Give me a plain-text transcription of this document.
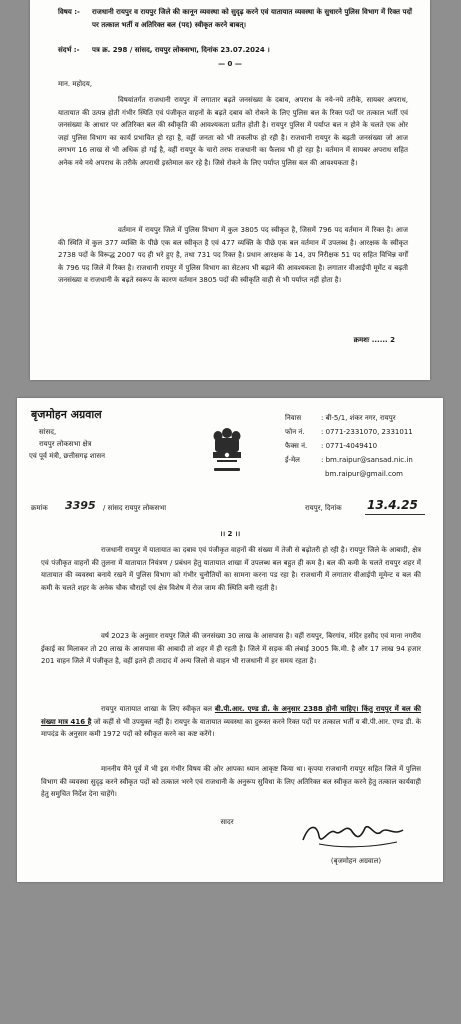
विषय :-	राजधानी रायपुर व रायपुर जिले की कानून व्यवस्था को सुदृढ़ करने एवं यातायात व्यवस्था के सुधारने पुलिस विभाग में रिक्त पदों पर तत्काल भर्ती व अतिरिक्त बल (पद) स्वीकृत करने बाबत्।
संदर्भ :-	पत्र क्र. 298 / सांसद, रायपुर लोकसभा, दिनांक 23.07.2024 ।
— 0 —
मान. महोदय,
विषयांतर्गत राजधानी रायपुर में लगातार बढ़ते जनसंख्या के दबाव, अपराध के नये-नये तरीके, सायबर अपराध, यातायात की उत्पन्न होती गंभीर स्थिति एवं पंजीकृत वाहनों के बढ़ते दबाव को रोकने के लिए पुलिस बल के रिक्त पदों पर तत्काल भर्ती एवं जनसंख्या के आधार पर अतिरिक्त बल की स्वीकृति की आवश्यकता प्रतीत होती है। रायपुर पुलिस में पर्याप्त बल न होने के चलते एक ओर जहां पुलिस विभाग का कार्य प्रभावित हो रहा है, वहीं जनता को भी तकलीफ हो रही है। राजधानी रायपुर के बढ़ती जनसंख्या जो आज लगभग 16 लाख से भी अधिक हो गई है, वहीं रायपुर के चारो तरफ राजधानी का फैलाव भी हो रहा है। वर्तमान में सायबर अपराध सहित अनेक नये नये अपराध के तरीके अपराधी इस्तेमाल कर रहे है। जिसे रोकने के लिए पर्याप्त पुलिस बल की आवश्यकता है।
वर्तमान में रायपुर जिले में पुलिस विभाग में कुल 3805 पद स्वीकृत है, जिसमें 796 पद वर्तमान में रिक्त है। आज की स्थिति में कुल 377 व्यक्ति के पीछे एक बल स्वीकृत है एवं 477 व्यक्ति के पीछे एक बल वर्तमान में उपलब्ध है। आरक्षक के स्वीकृत 2738 पदों के विरूद्ध 2007 पद ही भरे हुए है, तथा 731 पद रिक्त है। प्रधान आरक्षक के 14, उप निरीक्षक 51 पद सहित विभिन्न वर्गों के 796 पद जिले में रिक्त है। राजधानी रायपुर में पुलिस विभाग का सेटअप भी बढ़ाने की आवश्यकता है। लगातार वीआईपी मूमेंट व बढ़ती जनसंख्या व राजधानी के बढ़ते स्वरूप के कारण वर्तमान 3805 पदों की स्वीकृति वाही से भी पर्याप्त नहीं होता है।
क्रमशः ...... 2
बृजमोहन अग्रवाल
सांसद,
रायपुर लोकसभा क्षेत्र
एवं पूर्व मंत्री, छत्तीसगढ़ शासन
निवास	: बी-5/1, शंकर नगर, रायपुर
फोन नं.	: 0771-2331070, 2331011
फैक्स नं.	: 0771-4049410
ई-मेल	: bm.raipur@sansad.nic.in
bm.raipur@gmail.com
क्रमांक	3395	/ सांसद रायपुर लोकसभा	रायपुर, दिनांक	13.4.25
।। 2 ।।
राजधानी रायपुर में यातायात का दबाव एवं पंजीकृत वाहनों की संख्या में तेजी से बढ़ोतरी हो रही है। रायपुर जिले के आबादी, क्षेत्र एवं पंजीकृत वाहनों की तुलना में यातायात नियंत्रण / प्रबंधन हेतु यातायात शाखा में उपलब्ध बल बहुत ही कम है। बल की कमी के चलते रायपुर शहर में यातायात की व्यवस्था बनाये रखने में पुलिस विभाग को गंभीर चुनौतियों का सामना करना पड रहा है। राजधानी में लगातार वीआईपी मूमेन्ट व बल की कमी के चलते शहर के अनेक चौक चौराहों एवं क्षेत्र विशेष में रोज जाम की स्थिति बनी रहती है।
वर्ष 2023 के अनुसार रायपुर जिले की जनसंख्या 30 लाख के आसपास है। वहीं रायपुर, बिरगांव, मंदिर हसौद एवं माना नगरीय ईकाई का मिलाकर तो 20 लाख के आसपास की आबादी तो शहर में ही रहती है। जिले में सड़क की लंबाई 3005 कि.मी. है और 17 लाख 94 हजार 201 वाहन जिले में पंजीकृत है, वहीं इतने ही तादाद में अन्य जिलों से वाहन भी राजधानी में हर समय रहता है।
रायपुर यातायात शाखा के लिए स्वीकृत बल बी.पी.आर. एण्ड डी. के अनुसार 2388 होनी चाहिए। किंतु रायपुर में बल की संख्या मात्र 416 है जो कहीं से भी उपयुक्त नहीं है। रायपुर के यातायात व्यवस्था का दुरूस्त करने रिक्त पदों पर तत्काल भर्ती व बी.पी.आर. एण्ड डी. के मापदंड के अनुसार कमी 1972 पदों को स्वीकृत करने का कष्ट करेंगे।
माननीय मैंने पूर्व में भी इस गंभीर विषय की ओर आपका ध्यान आकृष्ट किया था। कृपया राजधानी रायपुर सहित जिले में पुलिस विभाग की व्यवस्था सुदृढ़ करने स्वीकृत पदों को तत्काल भरने एवं राजधानी के अनुरूप सुविधा के लिए अतिरिक्त बल स्वीकृत करने हेतु तत्काल कार्यवाही हेतु समुचित निर्देश देना चाहेंगे।
सादर
(बृजमोहन अग्रवाल)
